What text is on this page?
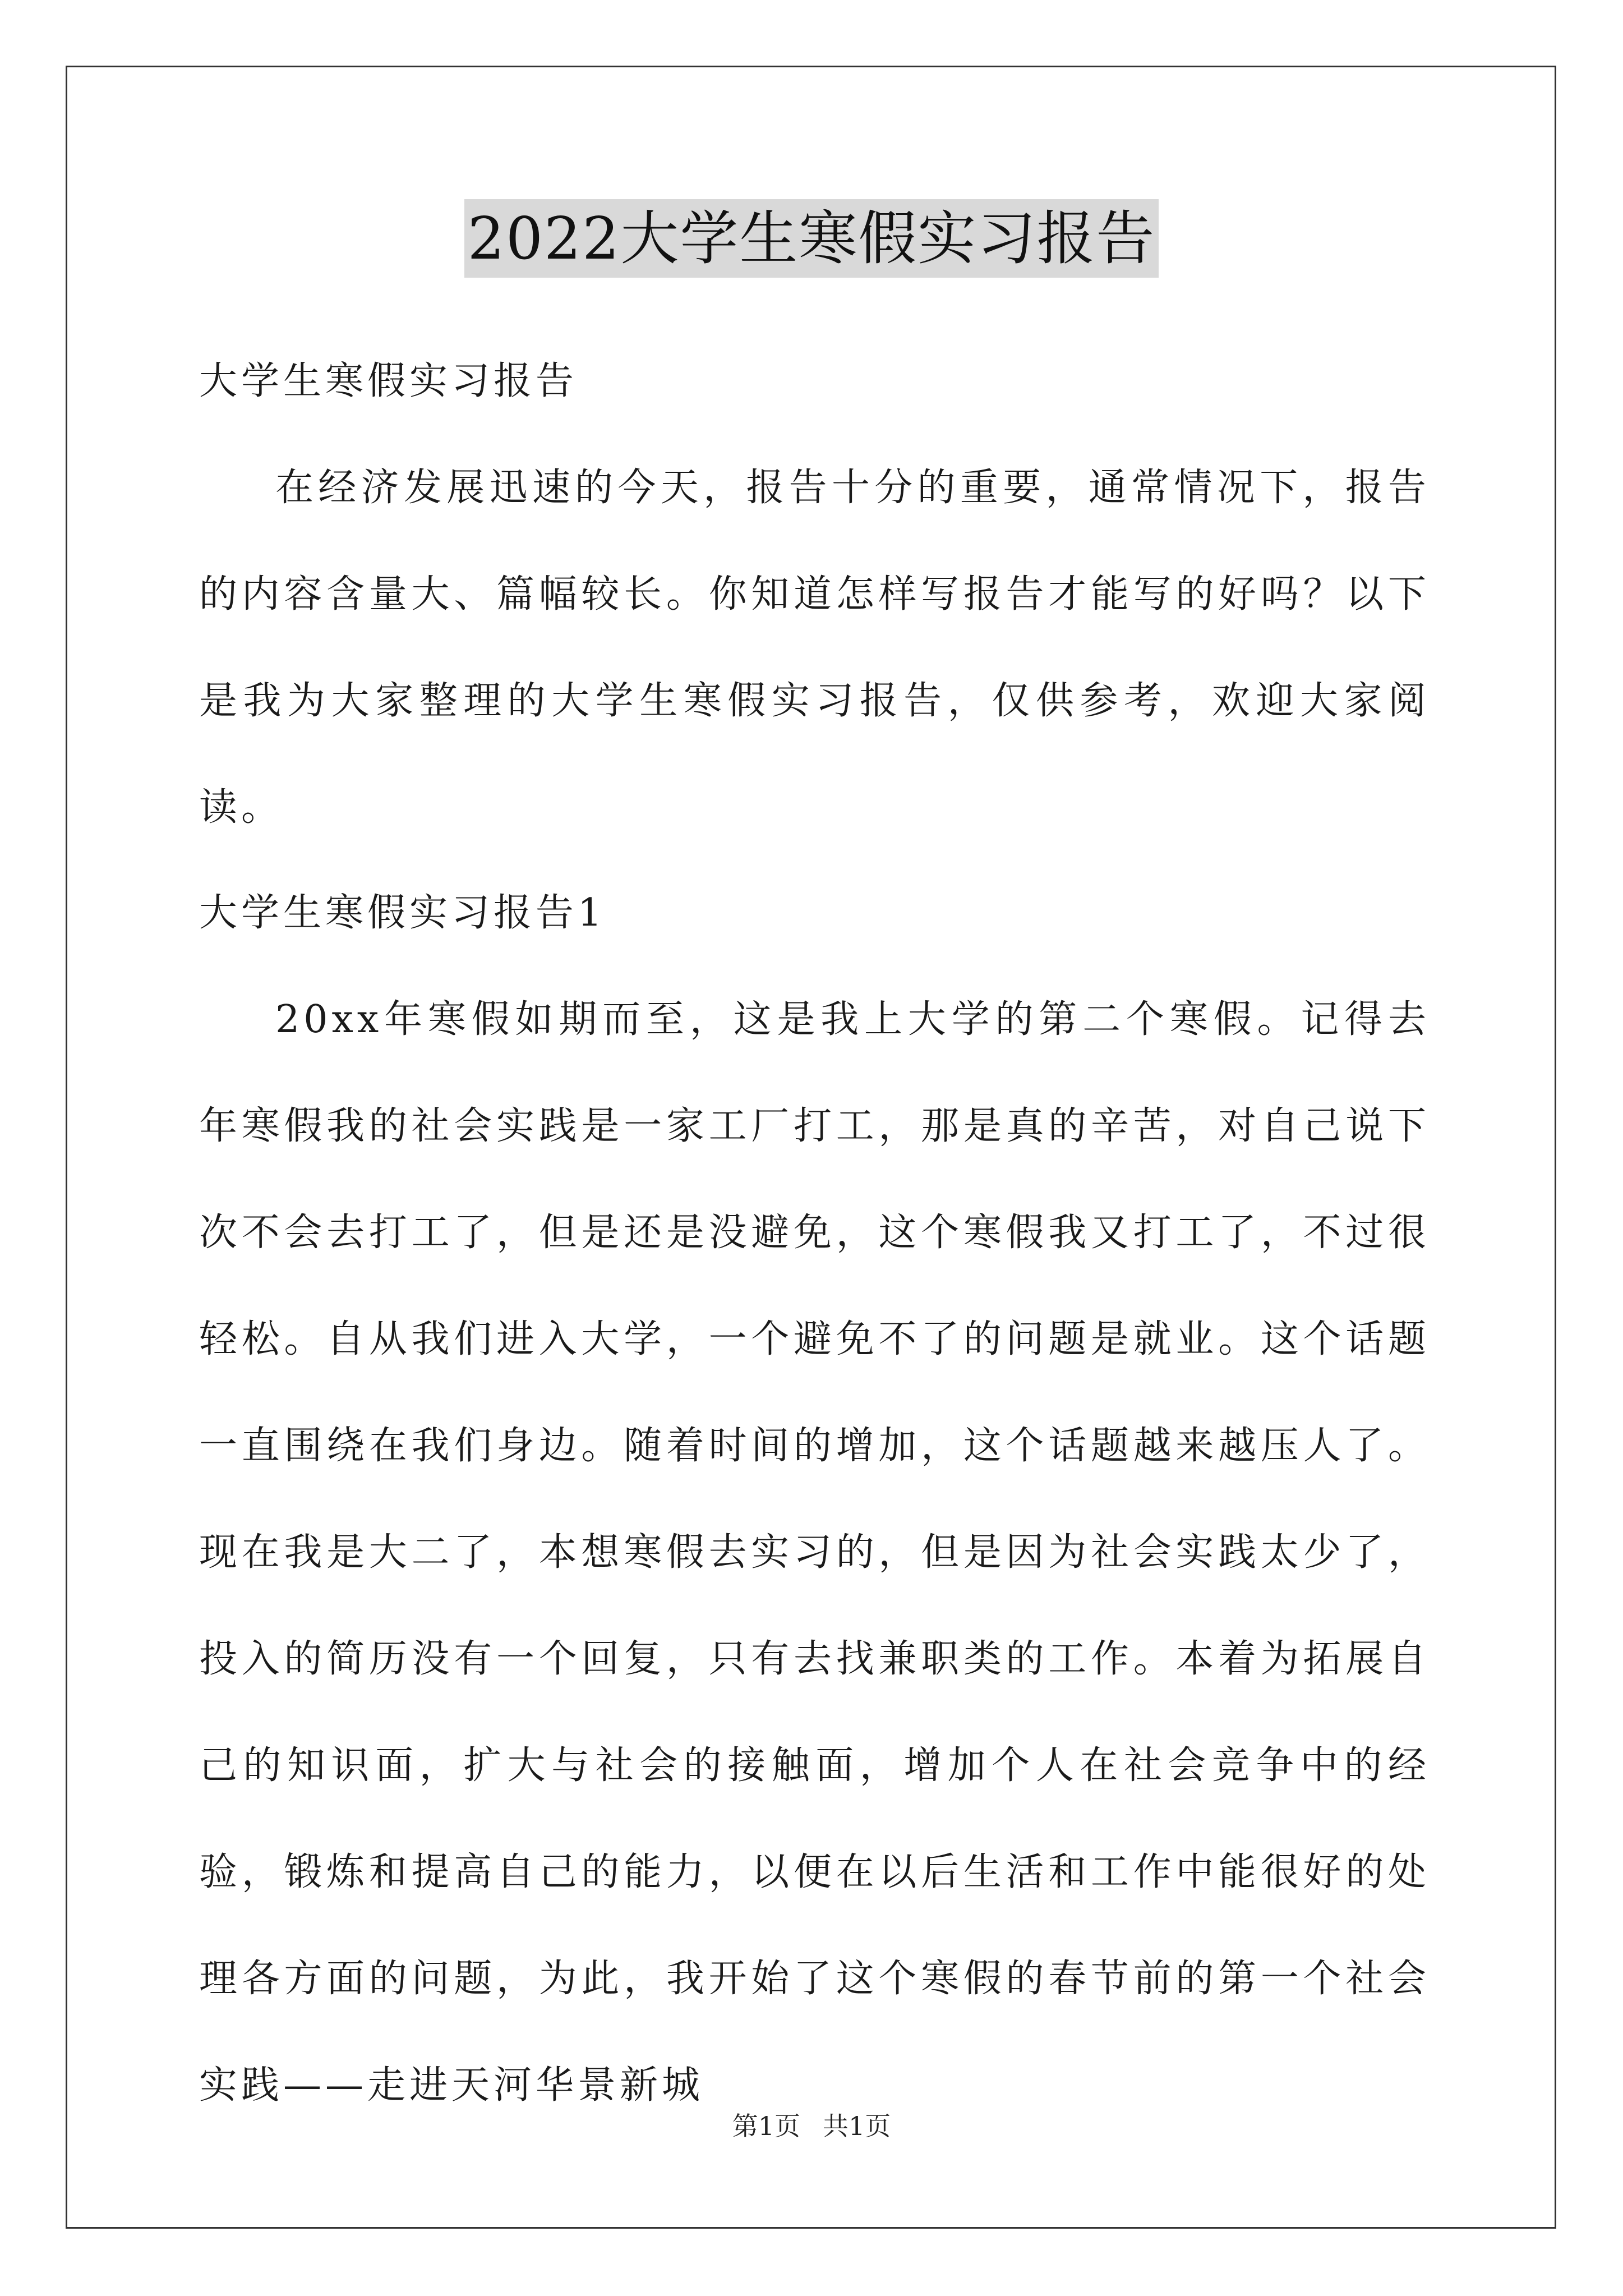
2022大学生寒假实习报告
大学生寒假实习报告
在经济发展迅速的今天，报告十分的重要，通常情况下，报告的内容含量大、篇幅较长。你知道怎样写报告才能写的好吗？以下是我为大家整理的大学生寒假实习报告，仅供参考，欢迎大家阅读。
大学生寒假实习报告1
20xx年寒假如期而至，这是我上大学的第二个寒假。记得去年寒假我的社会实践是一家工厂打工，那是真的辛苦，对自己说下次不会去打工了，但是还是没避免，这个寒假我又打工了，不过很轻松。自从我们进入大学，一个避免不了的问题是就业。这个话题一直围绕在我们身边。随着时间的增加，这个话题越来越压人了。现在我是大二了，本想寒假去实习的，但是因为社会实践太少了，投入的简历没有一个回复，只有去找兼职类的工作。本着为拓展自己的知识面，扩大与社会的接触面，增加个人在社会竞争中的经验，锻炼和提高自己的能力，以便在以后生活和工作中能很好的处理各方面的问题，为此，我开始了这个寒假的春节前的第一个社会实践——走进天河华景新城
第1页 共1页
